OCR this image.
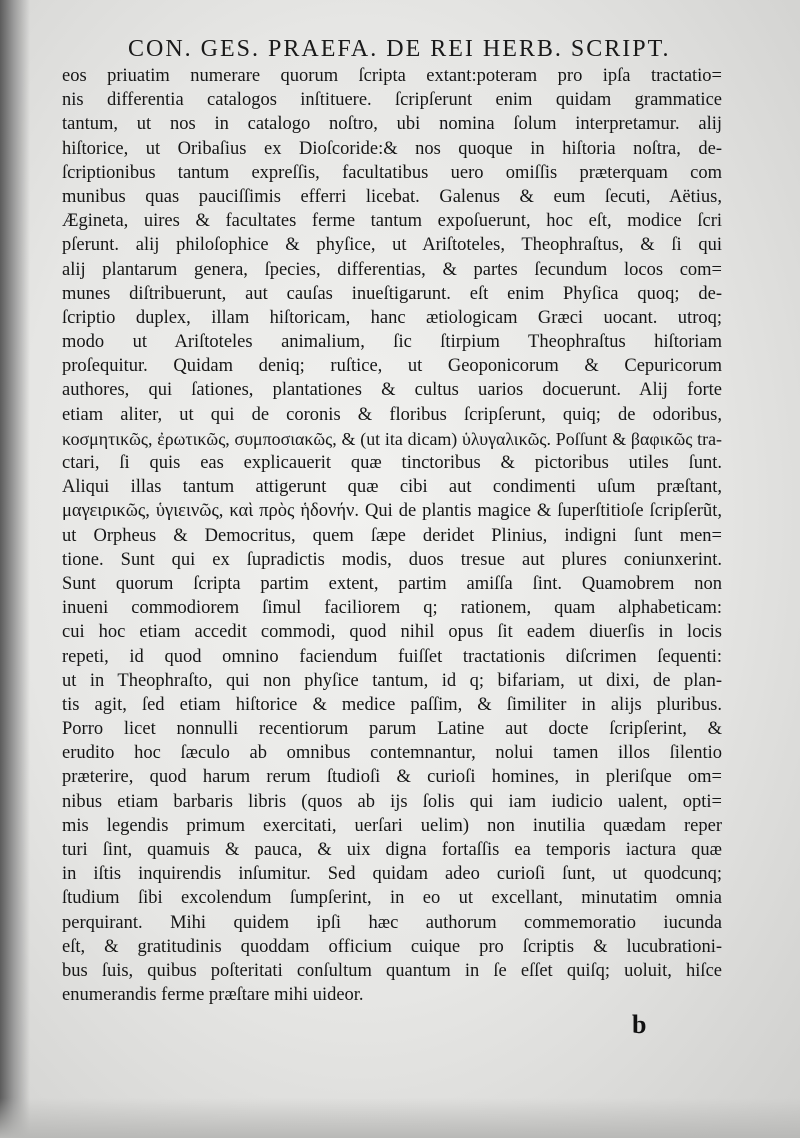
CON. GES. PRAEFA. DE REI HERB. SCRIPT.
eos priuatim numerare quorum ſcripta extant:poteram pro ipſa tractatio=
nis differentia catalogos inſtituere. ſcripſerunt enim quidam grammatice
tantum, ut nos in catalogo noſtro, ubi nomina ſolum interpretamur. alij
hiſtorice, ut Oribaſius ex Dioſcoride:& nos quoque in hiſtoria noſtra, de-
ſcriptionibus tantum expreſſis, facultatibus uero omiſſis præterquam com
munibus quas pauciſſimis efferri licebat. Galenus & eum ſecuti, Aëtius,
Ægineta, uires & facultates ferme tantum expoſuerunt, hoc eſt, modice ſcri
pſerunt. alij philoſophice & phyſice, ut Ariſtoteles, Theophraſtus, & ſi qui
alij plantarum genera, ſpecies, differentias, & partes ſecundum locos com=
munes diſtribuerunt, aut cauſas inueſtigarunt. eſt enim Phyſica quoq; de-
ſcriptio duplex, illam hiſtoricam, hanc ætiologicam Græci uocant. utroq;
modo ut Ariſtoteles animalium, ſic ſtirpium Theophraſtus hiſtoriam
proſequitur. Quidam deniq; ruſtice, ut Geoponicorum & Cepuricorum
authores, qui ſationes, plantationes & cultus uarios docuerunt. Alij forte
etiam aliter, ut qui de coronis & floribus ſcripſerunt, quiq; de odoribus,
κοσμητικῶς, ἐρωτικῶς, συμποσιακῶς, & (ut ita dicam) ὑλυγαλικῶς. Poſſunt & βαφικῶς tra-
ctari, ſi quis eas explicauerit quæ tinctoribus & pictoribus utiles ſunt.
Aliqui illas tantum attigerunt quæ cibi aut condimenti uſum præſtant,
μαγειρικῶς, ὑγιεινῶς, καὶ πρὸς ἡδονήν. Qui de plantis magice & ſuperſtitioſe ſcripſerũt,
ut Orpheus & Democritus, quem ſæpe deridet Plinius, indigni ſunt men=
tione. Sunt qui ex ſupradictis modis, duos tresue aut plures coniunxerint.
Sunt quorum ſcripta partim extent, partim amiſſa ſint. Quamobrem non
inueni commodiorem ſimul faciliorem q; rationem, quam alphabeticam:
cui hoc etiam accedit commodi, quod nihil opus ſit eadem diuerſis in locis
repeti, id quod omnino faciendum fuiſſet tractationis diſcrimen ſequenti:
ut in Theophraſto, qui non phyſice tantum, id q; bifariam, ut dixi, de plan-
tis agit, ſed etiam hiſtorice & medice paſſim, & ſimiliter in alijs pluribus.
Porro licet nonnulli recentiorum parum Latine aut docte ſcripſerint, &
erudito hoc ſæculo ab omnibus contemnantur, nolui tamen illos ſilentio
præterire, quod harum rerum ſtudioſi & curioſi homines, in pleriſque om=
nibus etiam barbaris libris (quos ab ijs ſolis qui iam iudicio ualent, opti=
mis legendis primum exercitati, uerſari uelim) non inutilia quædam reper
turi ſint, quamuis & pauca, & uix digna fortaſſis ea temporis iactura quæ
in iſtis inquirendis inſumitur. Sed quidam adeo curioſi ſunt, ut quodcunq;
ſtudium ſibi excolendum ſumpſerint, in eo ut excellant, minutatim omnia
perquirant. Mihi quidem ipſi hæc authorum commemoratio iucunda
eſt, & gratitudinis quoddam officium cuique pro ſcriptis & lucubrationi-
bus ſuis, quibus poſteritati conſultum quantum in ſe eſſet quiſq; uoluit, hiſce
enumerandis ferme præſtare mihi uideor.
b
